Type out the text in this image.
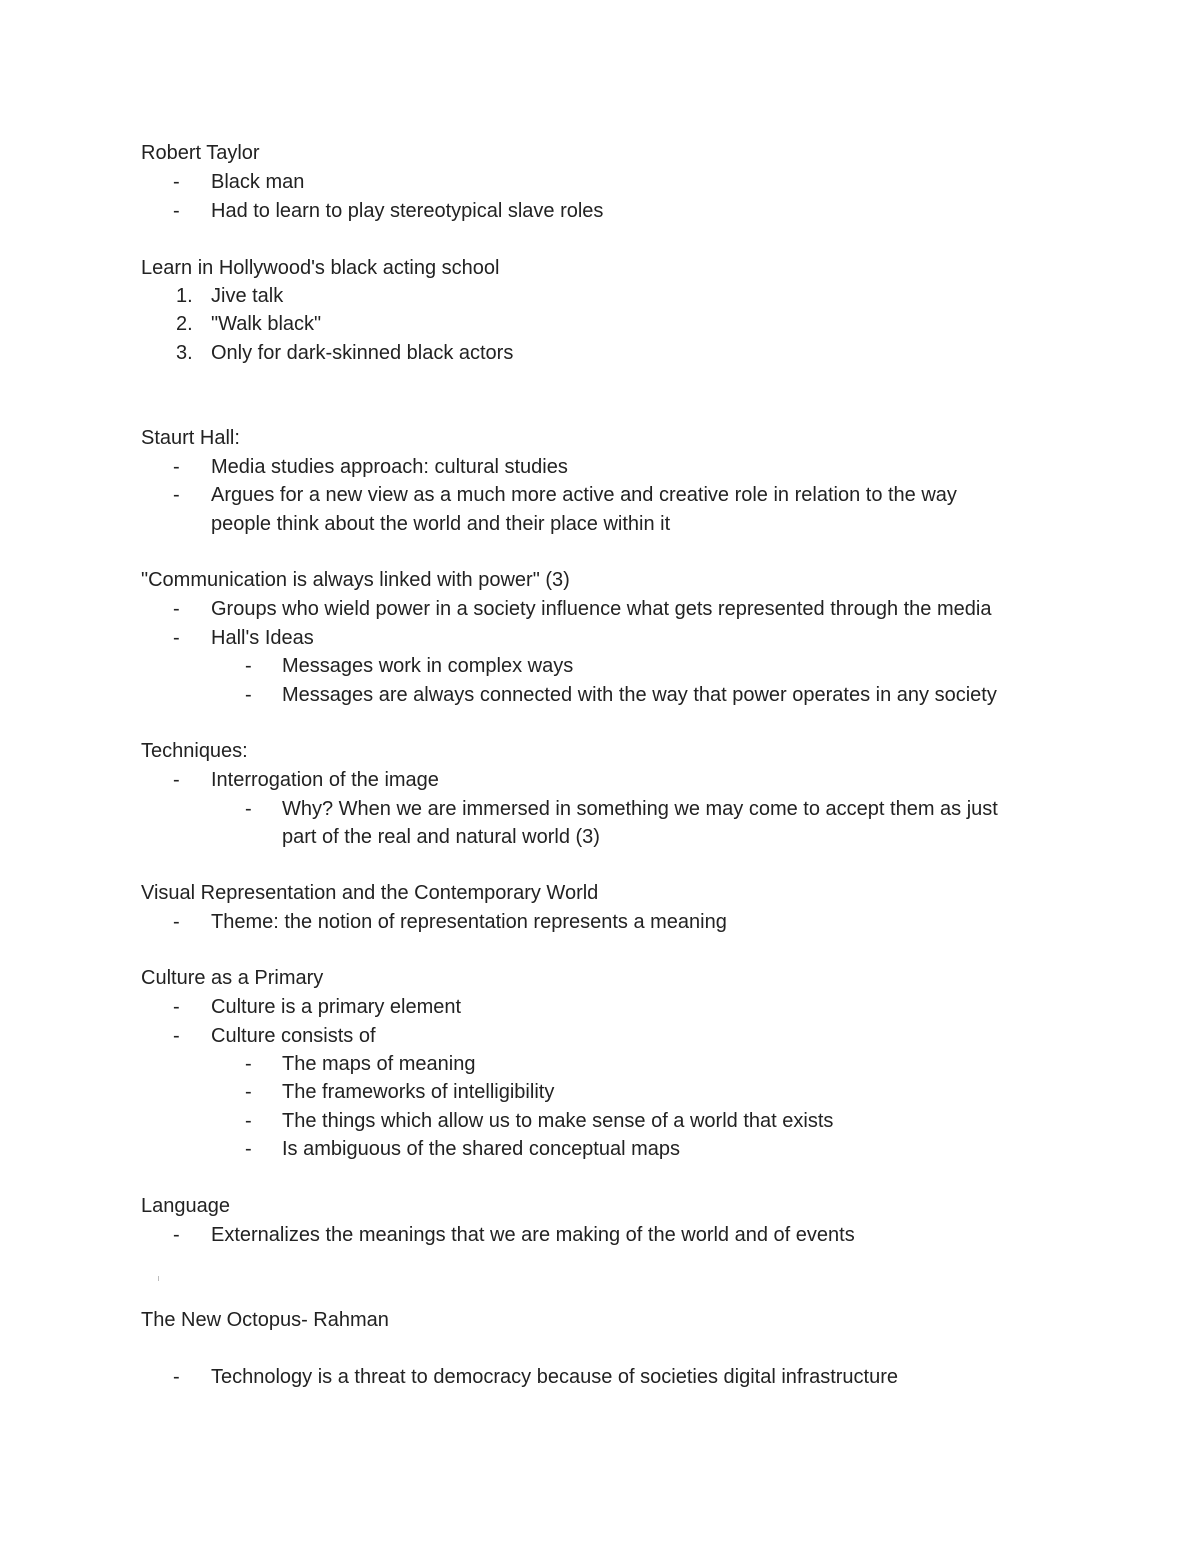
Robert Taylor
- Black man
- Had to learn to play stereotypical slave roles
Learn in Hollywood's black acting school
1. Jive talk
2. "Walk black"
3. Only for dark-skinned black actors
Staurt Hall:
- Media studies approach: cultural studies
- Argues for a new view as a much more active and creative role in relation to the way
people think about the world and their place within it
"Communication is always linked with power" (3)
- Groups who wield power in a society influence what gets represented through the media
- Hall's Ideas
- Messages work in complex ways
- Messages are always connected with the way that power operates in any society
Techniques:
- Interrogation of the image
- Why? When we are immersed in something we may come to accept them as just
part of the real and natural world (3)
Visual Representation and the Contemporary World
- Theme: the notion of representation represents a meaning
Culture as a Primary
- Culture is a primary element
- Culture consists of
- The maps of meaning
- The frameworks of intelligibility
- The things which allow us to make sense of a world that exists
- Is ambiguous of the shared conceptual maps
Language
- Externalizes the meanings that we are making of the world and of events
The New Octopus- Rahman
- Technology is a threat to democracy because of societies digital infrastructure
